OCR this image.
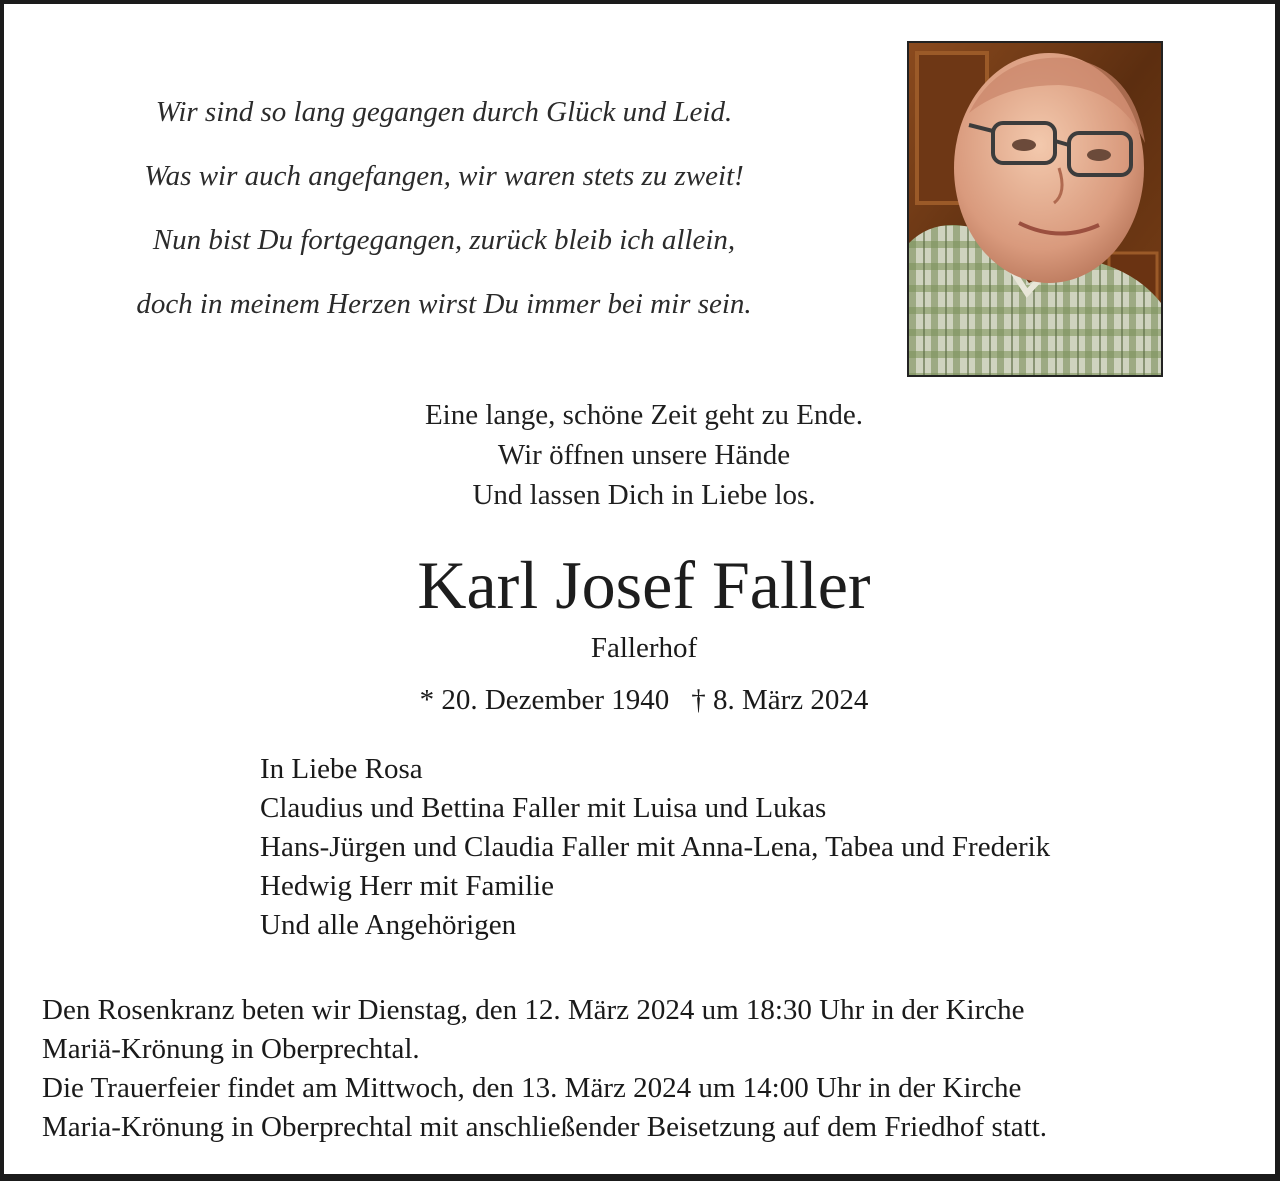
Wir sind so lang gegangen durch Glück und Leid.
Was wir auch angefangen, wir waren stets zu zweit!
Nun bist Du fortgegangen, zurück bleib ich allein,
doch in meinem Herzen wirst Du immer bei mir sein.
Eine lange, schöne Zeit geht zu Ende.
Wir öffnen unsere Hände
Und lassen Dich in Liebe los.
Karl Josef Faller
Fallerhof
* 20. Dezember 1940 † 8. März 2024
In Liebe Rosa
Claudius und Bettina Faller mit Luisa und Lukas
Hans-Jürgen und Claudia Faller mit Anna-Lena, Tabea und Frederik
Hedwig Herr mit Familie
Und alle Angehörigen
Den Rosenkranz beten wir Dienstag, den 12. März 2024 um 18:30 Uhr in der Kirche
Mariä-Krönung in Oberprechtal.
Die Trauerfeier findet am Mittwoch, den 13. März 2024 um 14:00 Uhr in der Kirche
Maria-Krönung in Oberprechtal mit anschließender Beisetzung auf dem Friedhof statt.
